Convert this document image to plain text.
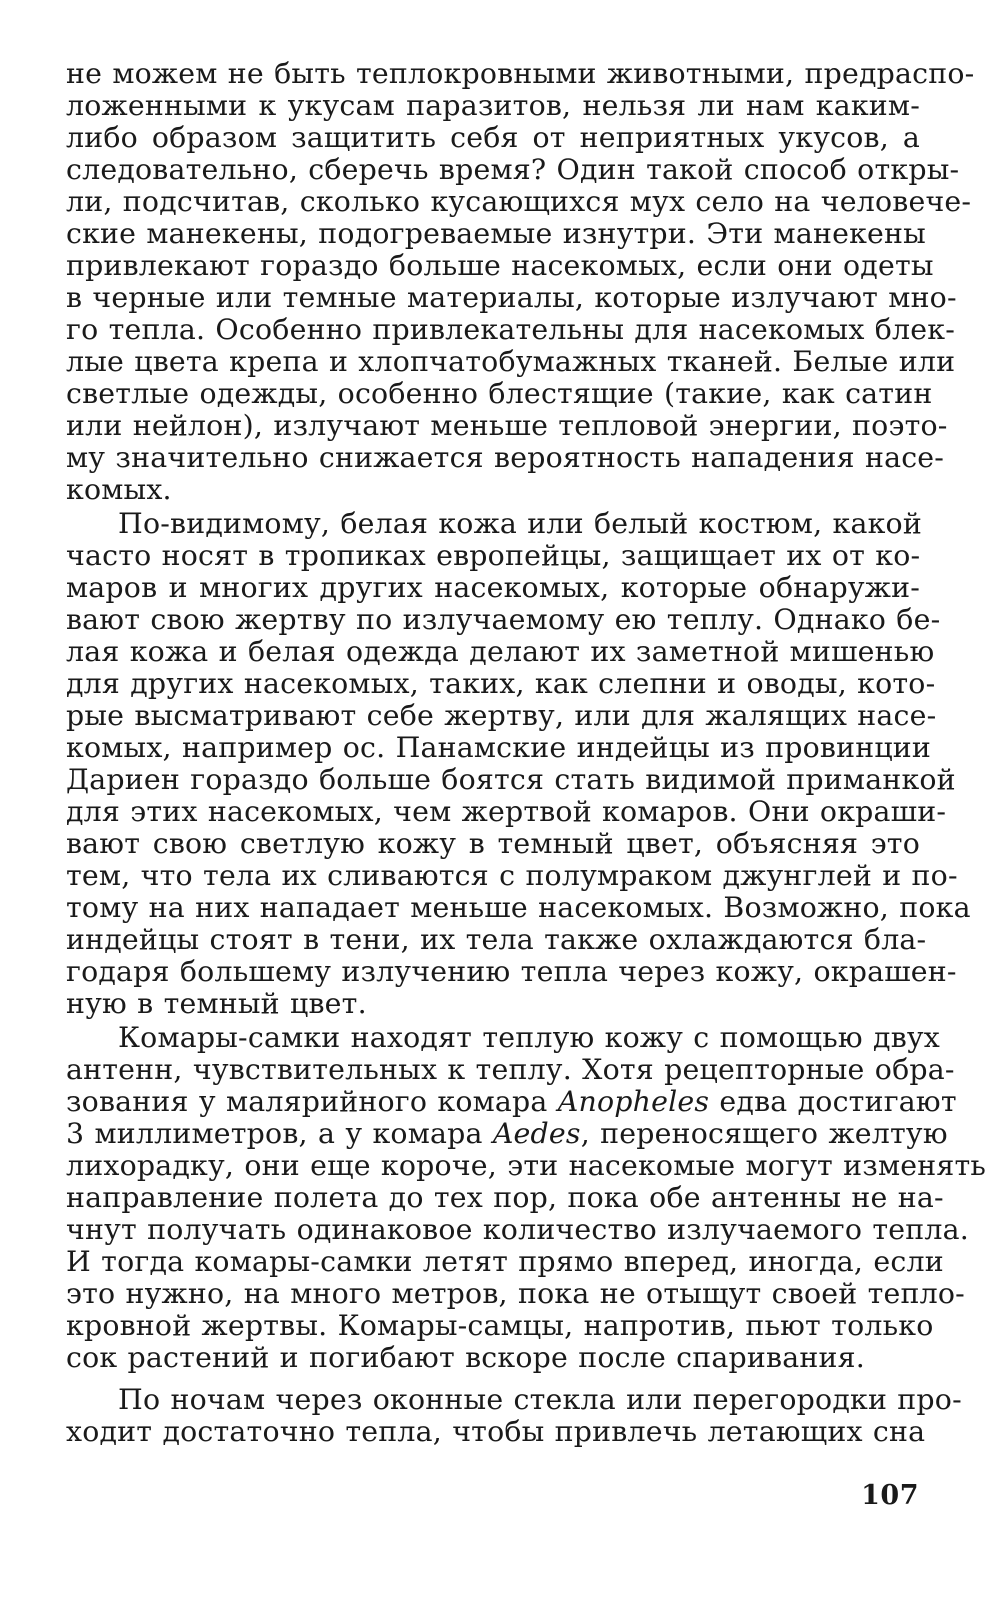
не можем не быть теплокровными животными, предраспо-
ложенными к укусам паразитов, нельзя ли нам каким-
либо образом защитить себя от неприятных укусов, а
следовательно, сберечь время? Один такой способ откры-
ли, подсчитав, сколько кусающихся мух село на человече-
ские манекены, подогреваемые изнутри. Эти манекены
привлекают гораздо больше насекомых, если они одеты
в черные или темные материалы, которые излучают мно-
го тепла. Особенно привлекательны для насекомых блек-
лые цвета крепа и хлопчатобумажных тканей. Белые или
светлые одежды, особенно блестящие (такие, как сатин
или нейлон), излучают меньше тепловой энергии, поэто-
му значительно снижается вероятность нападения насе-
комых.

По-видимому, белая кожа или белый костюм, какой
часто носят в тропиках европейцы, защищает их от ко-
маров и многих других насекомых, которые обнаружи-
вают свою жертву по излучаемому ею теплу. Однако бе-
лая кожа и белая одежда делают их заметной мишенью
для других насекомых, таких, как слепни и оводы, кото-
рые высматривают себе жертву, или для жалящих насе-
комых, например ос. Панамские индейцы из провинции
Дариен гораздо больше боятся стать видимой приманкой
для этих насекомых, чем жертвой комаров. Они окраши-
вают свою светлую кожу в темный цвет, объясняя это
тем, что тела их сливаются с полумраком джунглей и по-
тому на них нападает меньше насекомых. Возможно, пока
индейцы стоят в тени, их тела также охлаждаются бла-
годаря большему излучению тепла через кожу, окрашен-
ную в темный цвет.

Комары-самки находят теплую кожу с помощью двух
антенн, чувствительных к теплу. Хотя рецепторные обра-
зования у малярийного комара Anopheles едва достигают
3 миллиметров, а у комара Aedes, переносящего желтую
лихорадку, они еще короче, эти насекомые могут изменять
направление полета до тех пор, пока обе антенны не на-
чнут получать одинаковое количество излучаемого тепла.
И тогда комары-самки летят прямо вперед, иногда, если
это нужно, на много метров, пока не отыщут своей тепло-
кровной жертвы. Комары-самцы, напротив, пьют только
сок растений и погибают вскоре после спаривания.

По ночам через оконные стекла или перегородки про-
ходит достаточно тепла, чтобы привлечь летающих сна

107
